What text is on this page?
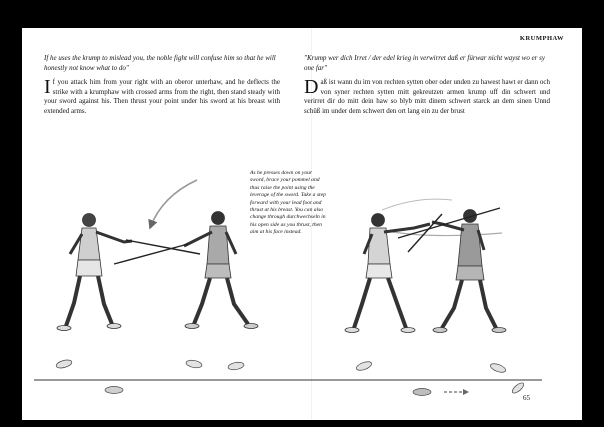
KRUMPHAW

If he uses the krump to mislead you, the noble fight will confuse him so that he will honestly not know what to do"

If you attack him from your right with an oberor unterhaw, and he deflects the strike with a krumphaw with crossed arms from the right, then stand steady with your sword against his. Then thrust your point under his sword at his breast with extended arms.

"Krump wer dich Irret / der edel krieg in verwirret daß er fürwar nicht wayst wo er sy one far"

Daß ist wann du im von rechten sytten ober oder unden zu hawest hawt er dann och von syner rechten sytten mitt gekreutzen armen krump uff din schwert und verirret dir do mitt dein haw so blyb mitt dinem schwert starck an dem sinen Unnd schüß im under dem schwert den ort lang ein zu der brust

As he presses down on your sword, brace your pommel and thus raise the point using the leverage of the sword. Take a step forward with your lead foot and thrust at his breast. You can also change through durchwechseln in his open side as you thrust, then aim at his face instead.

65
